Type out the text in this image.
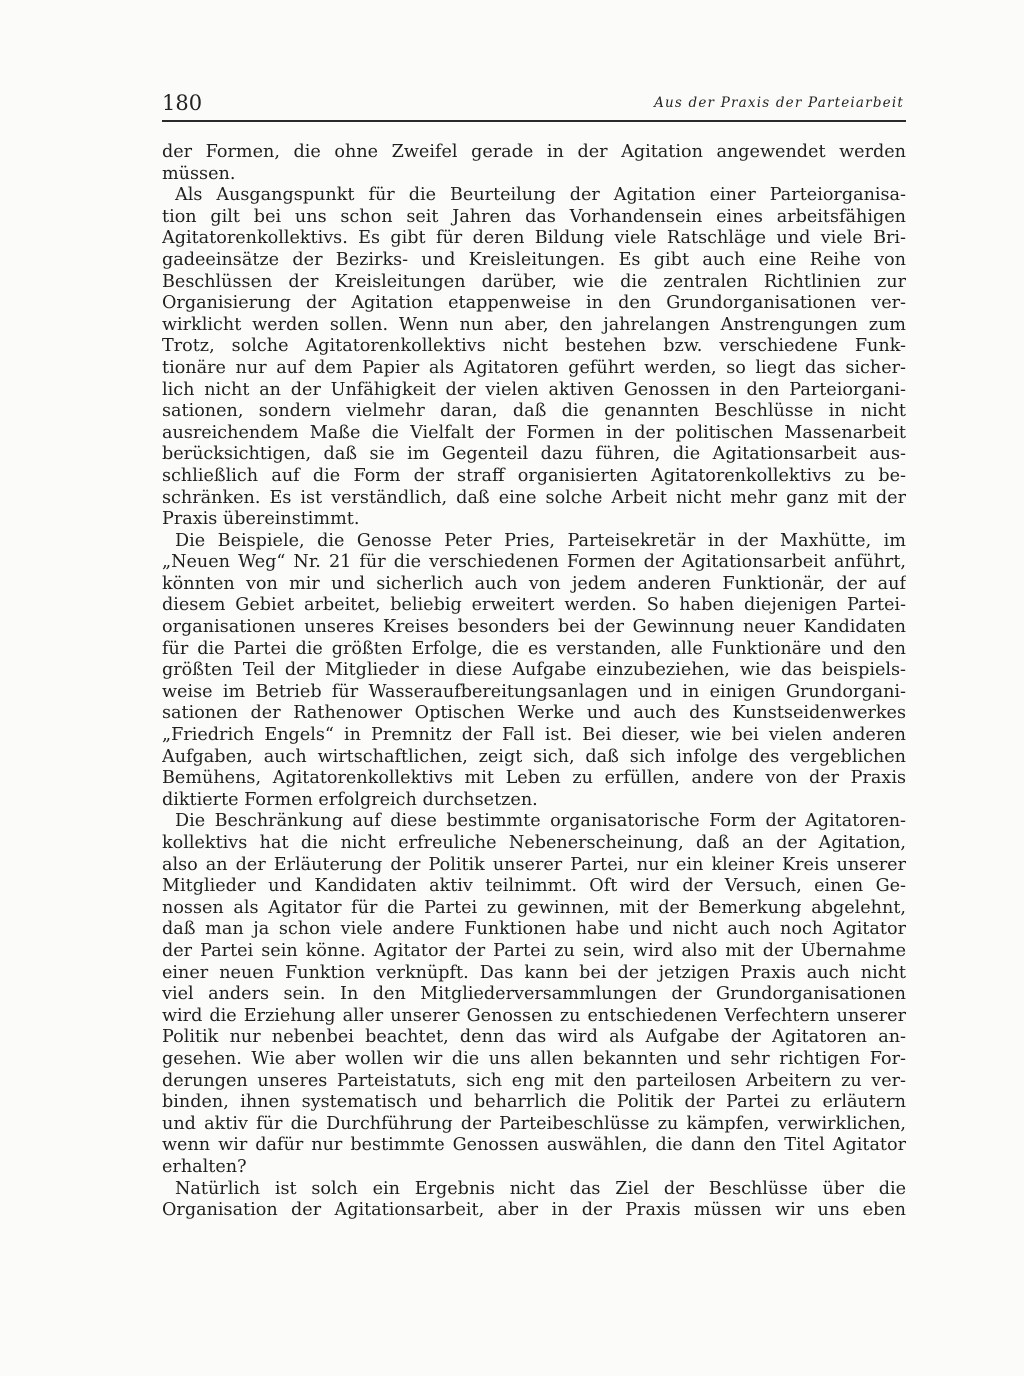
180	Aus der Praxis der Parteiarbeit
der Formen, die ohne Zweifel gerade in der Agitation angewendet werden
müssen.
Als Ausgangspunkt für die Beurteilung der Agitation einer Parteiorganisa-
tion gilt bei uns schon seit Jahren das Vorhandensein eines arbeitsfähigen
Agitatorenkollektivs. Es gibt für deren Bildung viele Ratschläge und viele Bri-
gadeeinsätze der Bezirks- und Kreisleitungen. Es gibt auch eine Reihe von
Beschlüssen der Kreisleitungen darüber, wie die zentralen Richtlinien zur
Organisierung der Agitation etappenweise in den Grundorganisationen ver-
wirklicht werden sollen. Wenn nun aber, den jahrelangen Anstrengungen zum
Trotz, solche Agitatorenkollektivs nicht bestehen bzw. verschiedene Funk-
tionäre nur auf dem Papier als Agitatoren geführt werden, so liegt das sicher-
lich nicht an der Unfähigkeit der vielen aktiven Genossen in den Parteiorgani-
sationen, sondern vielmehr daran, daß die genannten Beschlüsse in nicht
ausreichendem Maße die Vielfalt der Formen in der politischen Massenarbeit
berücksichtigen, daß sie im Gegenteil dazu führen, die Agitationsarbeit aus-
schließlich auf die Form der straff organisierten Agitatorenkollektivs zu be-
schränken. Es ist verständlich, daß eine solche Arbeit nicht mehr ganz mit der
Praxis übereinstimmt.
Die Beispiele, die Genosse Peter Pries, Parteisekretär in der Maxhütte, im
„Neuen Weg“ Nr. 21 für die verschiedenen Formen der Agitationsarbeit anführt,
könnten von mir und sicherlich auch von jedem anderen Funktionär, der auf
diesem Gebiet arbeitet, beliebig erweitert werden. So haben diejenigen Partei-
organisationen unseres Kreises besonders bei der Gewinnung neuer Kandidaten
für die Partei die größten Erfolge, die es verstanden, alle Funktionäre und den
größten Teil der Mitglieder in diese Aufgabe einzubeziehen, wie das beispiels-
weise im Betrieb für Wasseraufbereitungsanlagen und in einigen Grundorgani-
sationen der Rathenower Optischen Werke und auch des Kunstseidenwerkes
„Friedrich Engels“ in Premnitz der Fall ist. Bei dieser, wie bei vielen anderen
Aufgaben, auch wirtschaftlichen, zeigt sich, daß sich infolge des vergeblichen
Bemühens, Agitatorenkollektivs mit Leben zu erfüllen, andere von der Praxis
diktierte Formen erfolgreich durchsetzen.
Die Beschränkung auf diese bestimmte organisatorische Form der Agitatoren-
kollektivs hat die nicht erfreuliche Nebenerscheinung, daß an der Agitation,
also an der Erläuterung der Politik unserer Partei, nur ein kleiner Kreis unserer
Mitglieder und Kandidaten aktiv teilnimmt. Oft wird der Versuch, einen Ge-
nossen als Agitator für die Partei zu gewinnen, mit der Bemerkung abgelehnt,
daß man ja schon viele andere Funktionen habe und nicht auch noch Agitator
der Partei sein könne. Agitator der Partei zu sein, wird also mit der Übernahme
einer neuen Funktion verknüpft. Das kann bei der jetzigen Praxis auch nicht
viel anders sein. In den Mitgliederversammlungen der Grundorganisationen
wird die Erziehung aller unserer Genossen zu entschiedenen Verfechtern unserer
Politik nur nebenbei beachtet, denn das wird als Aufgabe der Agitatoren an-
gesehen. Wie aber wollen wir die uns allen bekannten und sehr richtigen For-
derungen unseres Parteistatuts, sich eng mit den parteilosen Arbeitern zu ver-
binden, ihnen systematisch und beharrlich die Politik der Partei zu erläutern
und aktiv für die Durchführung der Parteibeschlüsse zu kämpfen, verwirklichen,
wenn wir dafür nur bestimmte Genossen auswählen, die dann den Titel Agitator
erhalten?
Natürlich ist solch ein Ergebnis nicht das Ziel der Beschlüsse über die
Organisation der Agitationsarbeit, aber in der Praxis müssen wir uns eben
